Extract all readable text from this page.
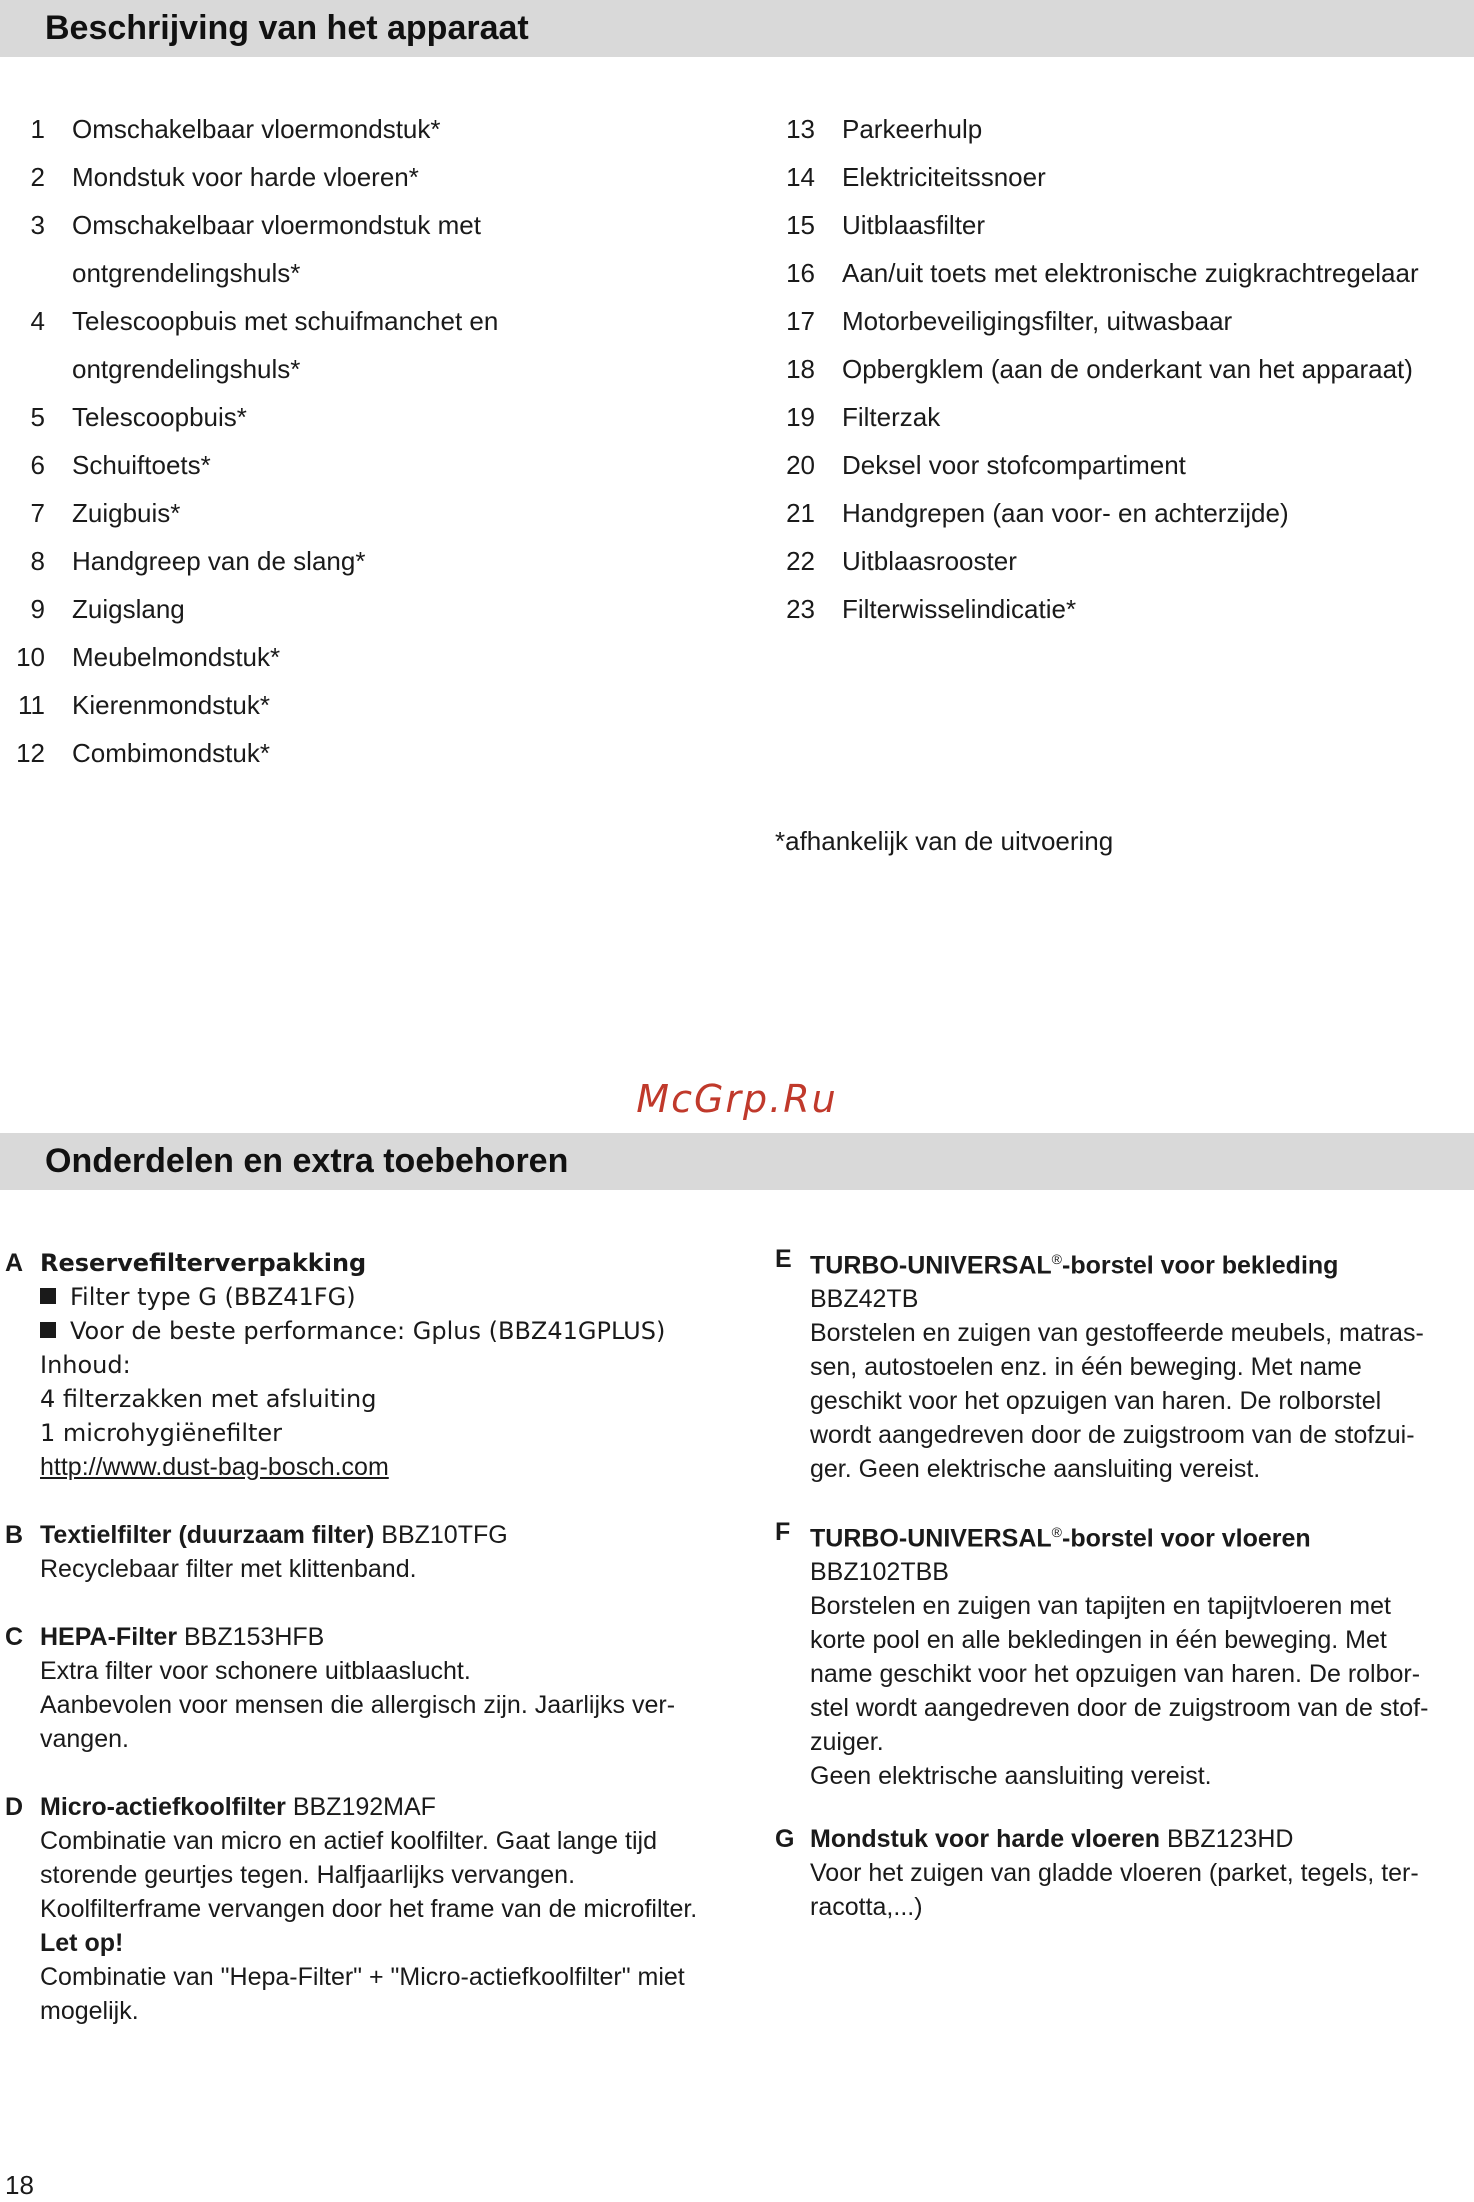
Beschrijving van het apparaat
1 Omschakelbaar vloermondstuk*
2 Mondstuk voor harde vloeren*
3 Omschakelbaar vloermondstuk met
ontgrendelingshuls*
4 Telescoopbuis met schuifmanchet en
ontgrendelingshuls*
5 Telescoopbuis*
6 Schuiftoets*
7 Zuigbuis*
8 Handgreep van de slang*
9 Zuigslang
10 Meubelmondstuk*
11 Kierenmondstuk*
12 Combimondstuk*
13 Parkeerhulp
14 Elektriciteitssnoer
15 Uitblaasfilter
16 Aan/uit toets met elektronische zuigkrachtregelaar
17 Motorbeveiligingsfilter, uitwasbaar
18 Opbergklem (aan de onderkant van het apparaat)
19 Filterzak
20 Deksel voor stofcompartiment
21 Handgrepen (aan voor- en achterzijde)
22 Uitblaasrooster
23 Filterwisselindicatie*
*afhankelijk van de uitvoering
McGrp.Ru
Onderdelen en extra toebehoren
A Reservefilterverpakking
Filter type G (BBZ41FG)
Voor de beste performance: Gplus (BBZ41GPLUS)
Inhoud:
4 filterzakken met afsluiting
1 microhygiënefilter
http://www.dust-bag-bosch.com
B Textielfilter (duurzaam filter) BBZ10TFG
Recyclebaar filter met klittenband.
C HEPA-Filter BBZ153HFB
Extra filter voor schonere uitblaaslucht.
Aanbevolen voor mensen die allergisch zijn. Jaarlijks ver-
vangen.
D Micro-actiefkoolfilter BBZ192MAF
Combinatie van micro en actief koolfilter. Gaat lange tijd
storende geurtjes tegen. Halfjaarlijks vervangen.
Koolfilterframe vervangen door het frame van de microfilter.
Let op!
Combinatie van "Hepa-Filter" + "Micro-actiefkoolfilter" miet
mogelijk.
E TURBO-UNIVERSAL®-borstel voor bekleding
BBZ42TB
Borstelen en zuigen van gestoffeerde meubels, matras-
sen, autostoelen enz. in één beweging. Met name
geschikt voor het opzuigen van haren. De rolborstel
wordt aangedreven door de zuigstroom van de stofzui-
ger. Geen elektrische aansluiting vereist.
F TURBO-UNIVERSAL®-borstel voor vloeren
BBZ102TBB
Borstelen en zuigen van tapijten en tapijtvloeren met
korte pool en alle bekledingen in één beweging. Met
name geschikt voor het opzuigen van haren. De rolbor-
stel wordt aangedreven door de zuigstroom van de stof-
zuiger.
Geen elektrische aansluiting vereist.
G Mondstuk voor harde vloeren BBZ123HD
Voor het zuigen van gladde vloeren (parket, tegels, ter-
racotta,...)
18
